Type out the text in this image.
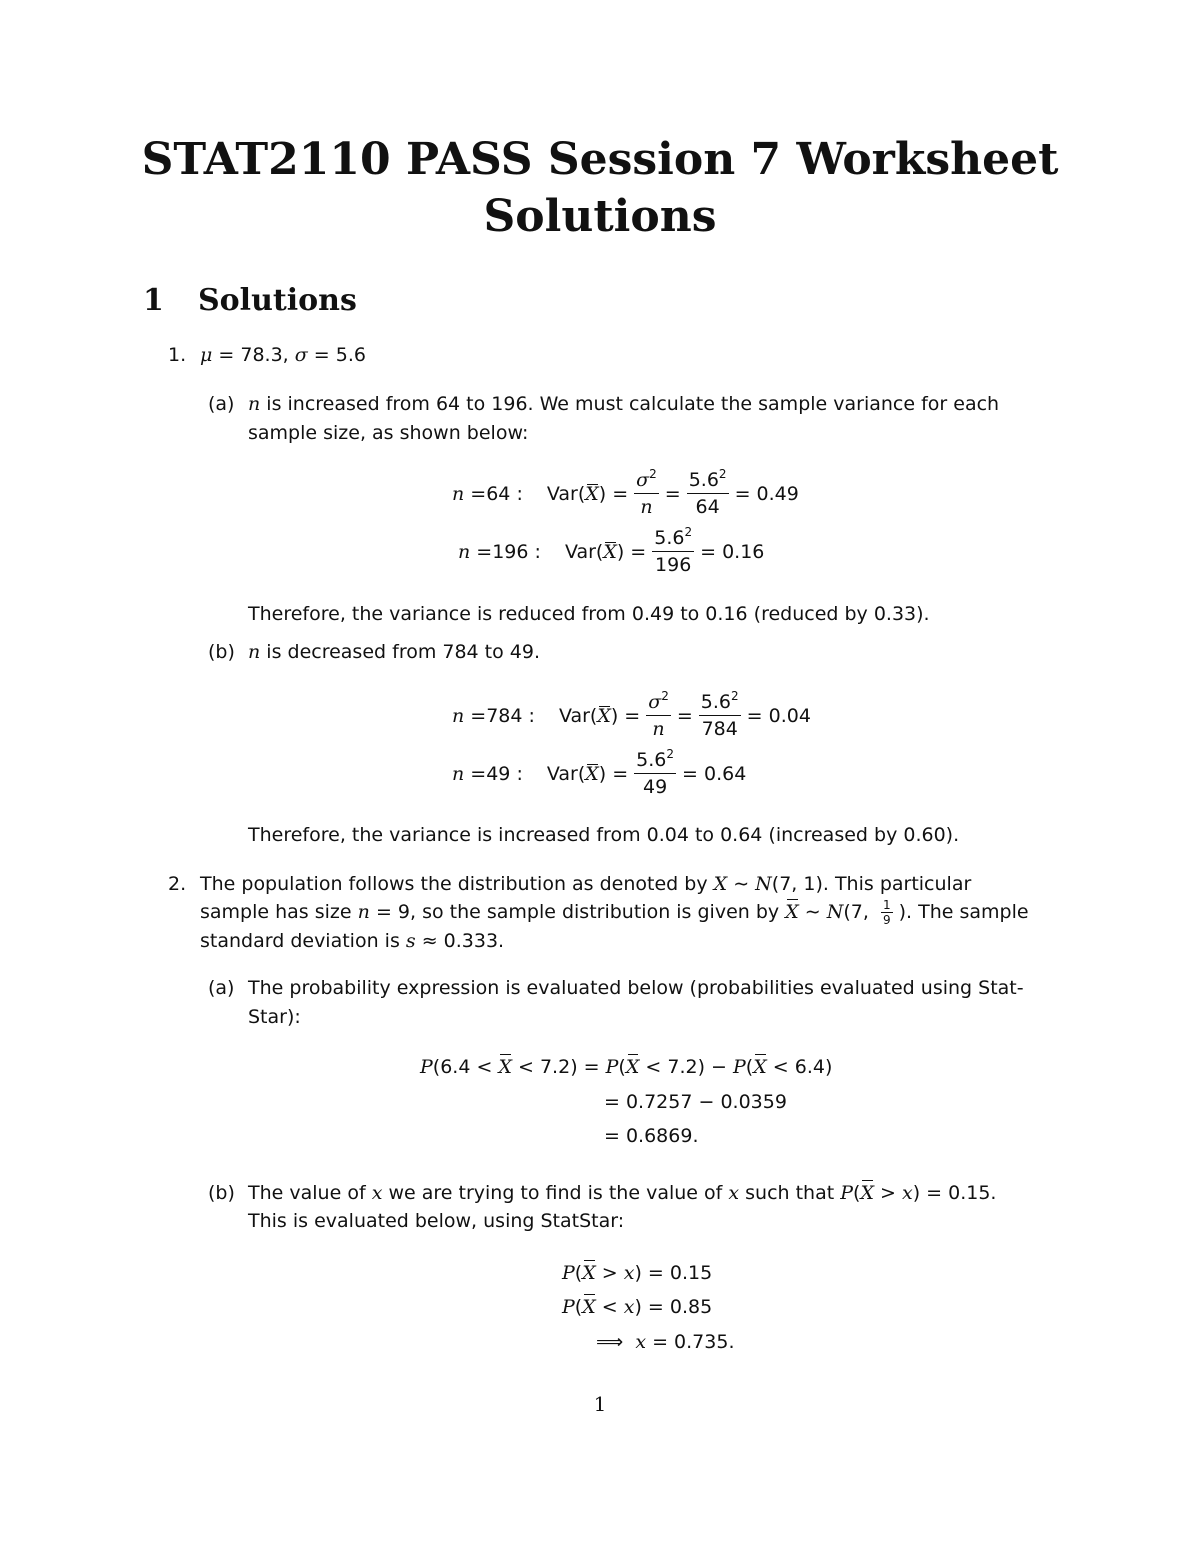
STAT2110 PASS Session 7 Worksheet
Solutions
1 Solutions
1. μ = 78.3, σ = 5.6
(a) n is increased from 64 to 196. We must calculate the sample variance for each
sample size, as shown below:
n = 64 :
Var( X ) = $\frac{\sigma^2}{n} = \frac{5.6^2}{64} = 0.49$
n = 196 :
Var( X ) = $\frac{5.6^2}{196} = 0.16$
Therefore, the variance is reduced from 0.49 to 0.16 (reduced by 0.33).
(b) n is decreased from 784 to 49.
n = 784 :
Var( X ) = $\frac{\sigma^2}{n} = \frac{5.6^2}{784} = 0.04$
n = 49 :
Var( X ) = $\frac{5.6^2}{49} = 0.64$
Therefore, the variance is increased from 0.04 to 0.64 (increased by 0.60).
2. The population follows the distribution as denoted by X ∼ N(7, 1). This particular
sample has size n = 9, so the sample distribution is given by X ∼ N(7, $\frac{1}{9}$ ). The sample
standard deviation is s ≈ 0.333.
(a) The probability expression is evaluated below (probabilities evaluated using Stat-
Star):
P(6.4 < X < 7.2) = P(X < 7.2) − P(X < 6.4)
= 0.7257 − 0.0359
= 0.6869.
(b) The value of x we are trying to find is the value of x such that P(X > x) = 0.15.
This is evaluated below, using StatStar:
P(X > x) = 0.15
P(X < x) = 0.85
⟹  x = 0.735.
1
